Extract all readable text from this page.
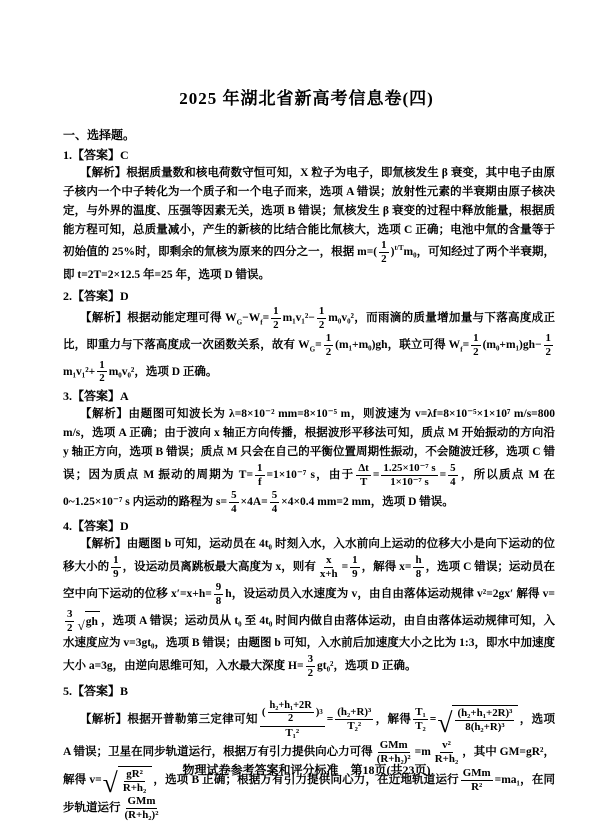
2025 年湖北省新高考信息卷(四)
一、选择题。
1.【答案】C
【解析】根据质量数和核电荷数守恒可知，X 粒子为电子，即氚核发生 β 衰变，其中电子由原子核内一个中子转化为一个质子和一个电子而来，选项 A 错误；放射性元素的半衰期由原子核决定，与外界的温度、压强等因素无关，选项 B 错误；氚核发生 β 衰变的过程中释放能量，根据质能方程可知，总质量减小，产生的新核的比结合能比氚核大，选项 C 正确；电池中氚的含量等于初始值的 25%时，即剩余的氚核为原来的四分之一，根据 $m=( \frac{1}{2} )^{t/T}m_0$，可知经过了两个半衰期，即 t=2T=2×12.5 年=25 年，选项 D 错误。
2.【答案】D
【解析】根据动能定理可得 $W_G-W_f= \frac{1}{2} m_1v_1^2- \frac{1}{2} m_0v_0^2$，而雨滴的质量增加量与下落高度成正比，即重力与下落高度成一次函数关系，故有 $W_G= \frac{1}{2} (m_1+m_0)gh$，联立可得 $W_f= \frac{1}{2} (m_0+m_1)gh- \frac{1}{2}$
$m_1v_1^2+ \frac{1}{2} m_0v_0^2$，选项 D 正确。
3.【答案】A
【解析】由题图可知波长为 λ=8×10⁻² mm=8×10⁻⁵ m，则波速为 v=λf=8×10⁻⁵×1×10⁷ m/s=800 m/s，选项 A 正确；由于波向 x 轴正方向传播，根据波形平移法可知，质点 M 开始振动的方向沿 y 轴正方向，选项 B 错误；质点 M 只会在自己的平衡位置周期性振动，不会随波迁移，选项 C 错误；因为质点 M 振动的周期为 $T= \frac{1}{f} =1\times 10^{-7}$ s，由于 $\frac{\Delta t}{T} = \frac{\text{1.25×10⁻⁷ s}}{\text{1×10⁻⁷ s}} = \frac{5}{4}$ ，所以质点 M 在 0~1.25×10⁻⁷ s 内运动的路程为 $s= \frac{5}{4} \times 4A= \frac{5}{4} \times 4\times 0.4$ mm=2 mm，选项 D 错误。
4.【答案】D
【解析】由题图 b 可知，运动员在 4t₀ 时刻入水，入水前向上运动的位移大小是向下运动的位移大小的 $\frac{1}{9}$ ，设运动员离跳板最大高度为 x，则有 $\frac{x}{x+h} = \frac{1}{9}$ ，解得 $x= \frac{h}{8}$ ，选项 C 错误；运动员在空中向下运动的位移 $x'=x+h= \frac{9}{8}$ h，设运动员入水速度为 v，由自由落体运动规律 v²=2gx′ 解得 v=
$\frac{3}{2}$ √ gh ，选项 A 错误；运动员从 t₀ 至 4t₀ 时间内做自由落体运动，由自由落体运动规律可知，入水速度应为 v=3gt₀，选项 B 错误；由题图 b 可知，入水前后加速度大小之比为 1:3，即水中加速度大小 a=3g，由逆向思维可知，入水最大深度 $H= \frac{3}{2} gt_0^2$，选项 D 正确。
5.【答案】B
【解析】根据开普勒第三定律可知 $\frac{( \frac{\text{h₂+h₁+2R}}{2} ) 3}{\text{T₁²}} = \frac{\text{(h₂+R)³}}{\text{T₂²}}$ ，解得 $\frac{\text{T₁}}{\text{T₂}}$ = √ $\frac{\text{(h₂+h₁+2R)³}}{\text{8(h₂+R)³}}$ ，选项 A 错误；卫星在同步轨道运行，根据万有引力提供向心力可得
GMm
(R+h₂)²
$=m \frac{\text{v²}}{\text{R+h₂}}$ ，其中 GM=gR²，解得 v= √ $\frac{\text{gR²}}{\text{R+h₂}}$ ，选项 B 正确；根据万有引力提供向心力，在近地轨道运行
GMm
R²
=ma₁，在同步轨道运行
GMm
(R+h₂)²
物理试卷参考答案和评分标准　第18页(共23页)
